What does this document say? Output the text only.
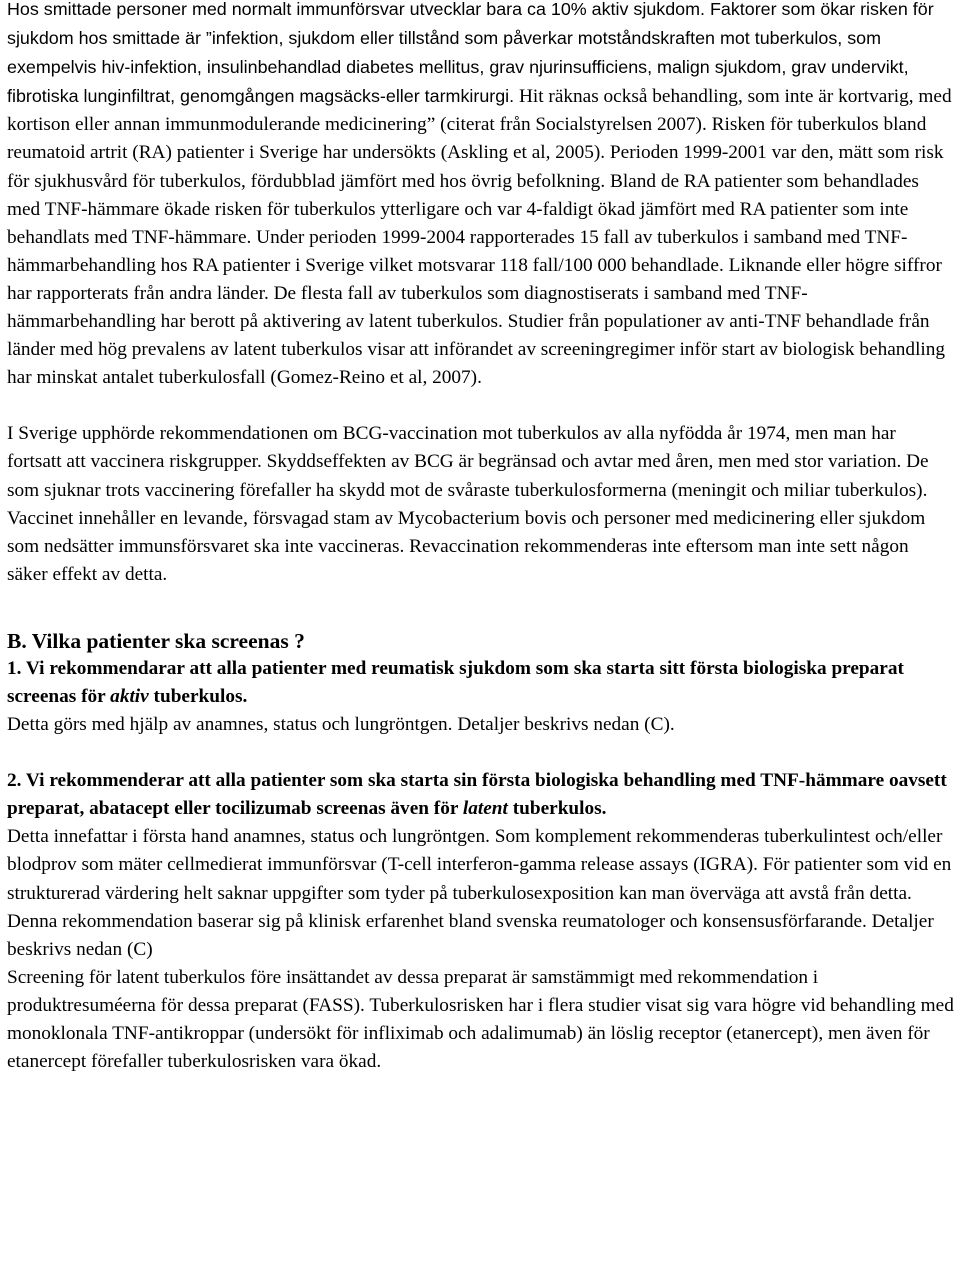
Hos smittade personer med normalt immunförsvar utvecklar bara ca 10% aktiv sjukdom. Faktorer som ökar risken för sjukdom hos smittade är ”infektion, sjukdom eller tillstånd som påverkar motståndskraften mot tuberkulos, som exempelvis hiv-infektion, insulinbehandlad diabetes mellitus, grav njurinsufficiens, malign sjukdom, grav undervikt, fibrotiska lunginfiltrat, genomgången magsäcks-eller tarmkirurgi. Hit räknas också behandling, som inte är kortvarig, med kortison eller annan immunmodulerande medicinering” (citerat från Socialstyrelsen 2007). Risken för tuberkulos bland reumatoid artrit (RA) patienter i Sverige har undersökts (Askling et al, 2005). Perioden 1999-2001 var den, mätt som risk för sjukhusvård för tuberkulos, fördubblad jämfört med hos övrig befolkning. Bland de RA patienter som behandlades med TNF-hämmare ökade risken för tuberkulos ytterligare och var 4-faldigt ökad jämfört med RA patienter som inte behandlats med TNF-hämmare. Under perioden 1999-2004 rapporterades 15 fall av tuberkulos i samband med TNF-hämmarbehandling hos RA patienter i Sverige vilket motsvarar 118 fall/100 000 behandlade. Liknande eller högre siffror har rapporterats från andra länder. De flesta fall av tuberkulos som diagnostiserats i samband med TNF-hämmarbehandling har berott på aktivering av latent tuberkulos. Studier från populationer av anti-TNF behandlade från länder med hög prevalens av latent tuberkulos visar att införandet av screeningregimer inför start av biologisk behandling har minskat antalet tuberkulosfall (Gomez-Reino et al, 2007).

I Sverige upphörde rekommendationen om BCG-vaccination mot tuberkulos av alla nyfödda år 1974, men man har fortsatt att vaccinera riskgrupper. Skyddseffekten av BCG är begränsad och avtar med åren, men med stor variation. De som sjuknar trots vaccinering förefaller ha skydd mot de svåraste tuberkulosformerna (meningit och miliar tuberkulos). Vaccinet innehåller en levande, försvagad stam av Mycobacterium bovis och personer med medicinering eller sjukdom som nedsätter immunsförsvaret ska inte vaccineras. Revaccination rekommenderas inte eftersom man inte sett någon säker effekt av detta.

B. Vilka patienter ska screenas ?

1. Vi rekommendarar att alla patienter med reumatisk sjukdom som ska starta sitt första biologiska preparat screenas för aktiv tuberkulos.

Detta görs med hjälp av anamnes, status och lungröntgen. Detaljer beskrivs nedan (C).

2. Vi rekommenderar att alla patienter som ska starta sin första biologiska behandling med TNF-hämmare oavsett preparat, abatacept eller tocilizumab screenas även för latent tuberkulos.

Detta innefattar i första hand anamnes, status och lungröntgen. Som komplement rekommenderas tuberkulintest och/eller blodprov som mäter cellmedierat immunförsvar (T-cell interferon-gamma release assays (IGRA). För patienter som vid en strukturerad värdering helt saknar uppgifter som tyder på tuberkulosexposition kan man överväga att avstå från detta. Denna rekommendation baserar sig på klinisk erfarenhet bland svenska reumatologer och konsensusförfarande. Detaljer beskrivs nedan (C)

Screening för latent tuberkulos före insättandet av dessa preparat är samstämmigt med rekommendation i produktresuméerna för dessa preparat (FASS). Tuberkulosrisken har i flera studier visat sig vara högre vid behandling med monoklonala TNF-antikroppar (undersökt för infliximab och adalimumab) än löslig receptor (etanercept), men även för etanercept förefaller tuberkulosrisken vara ökad.
